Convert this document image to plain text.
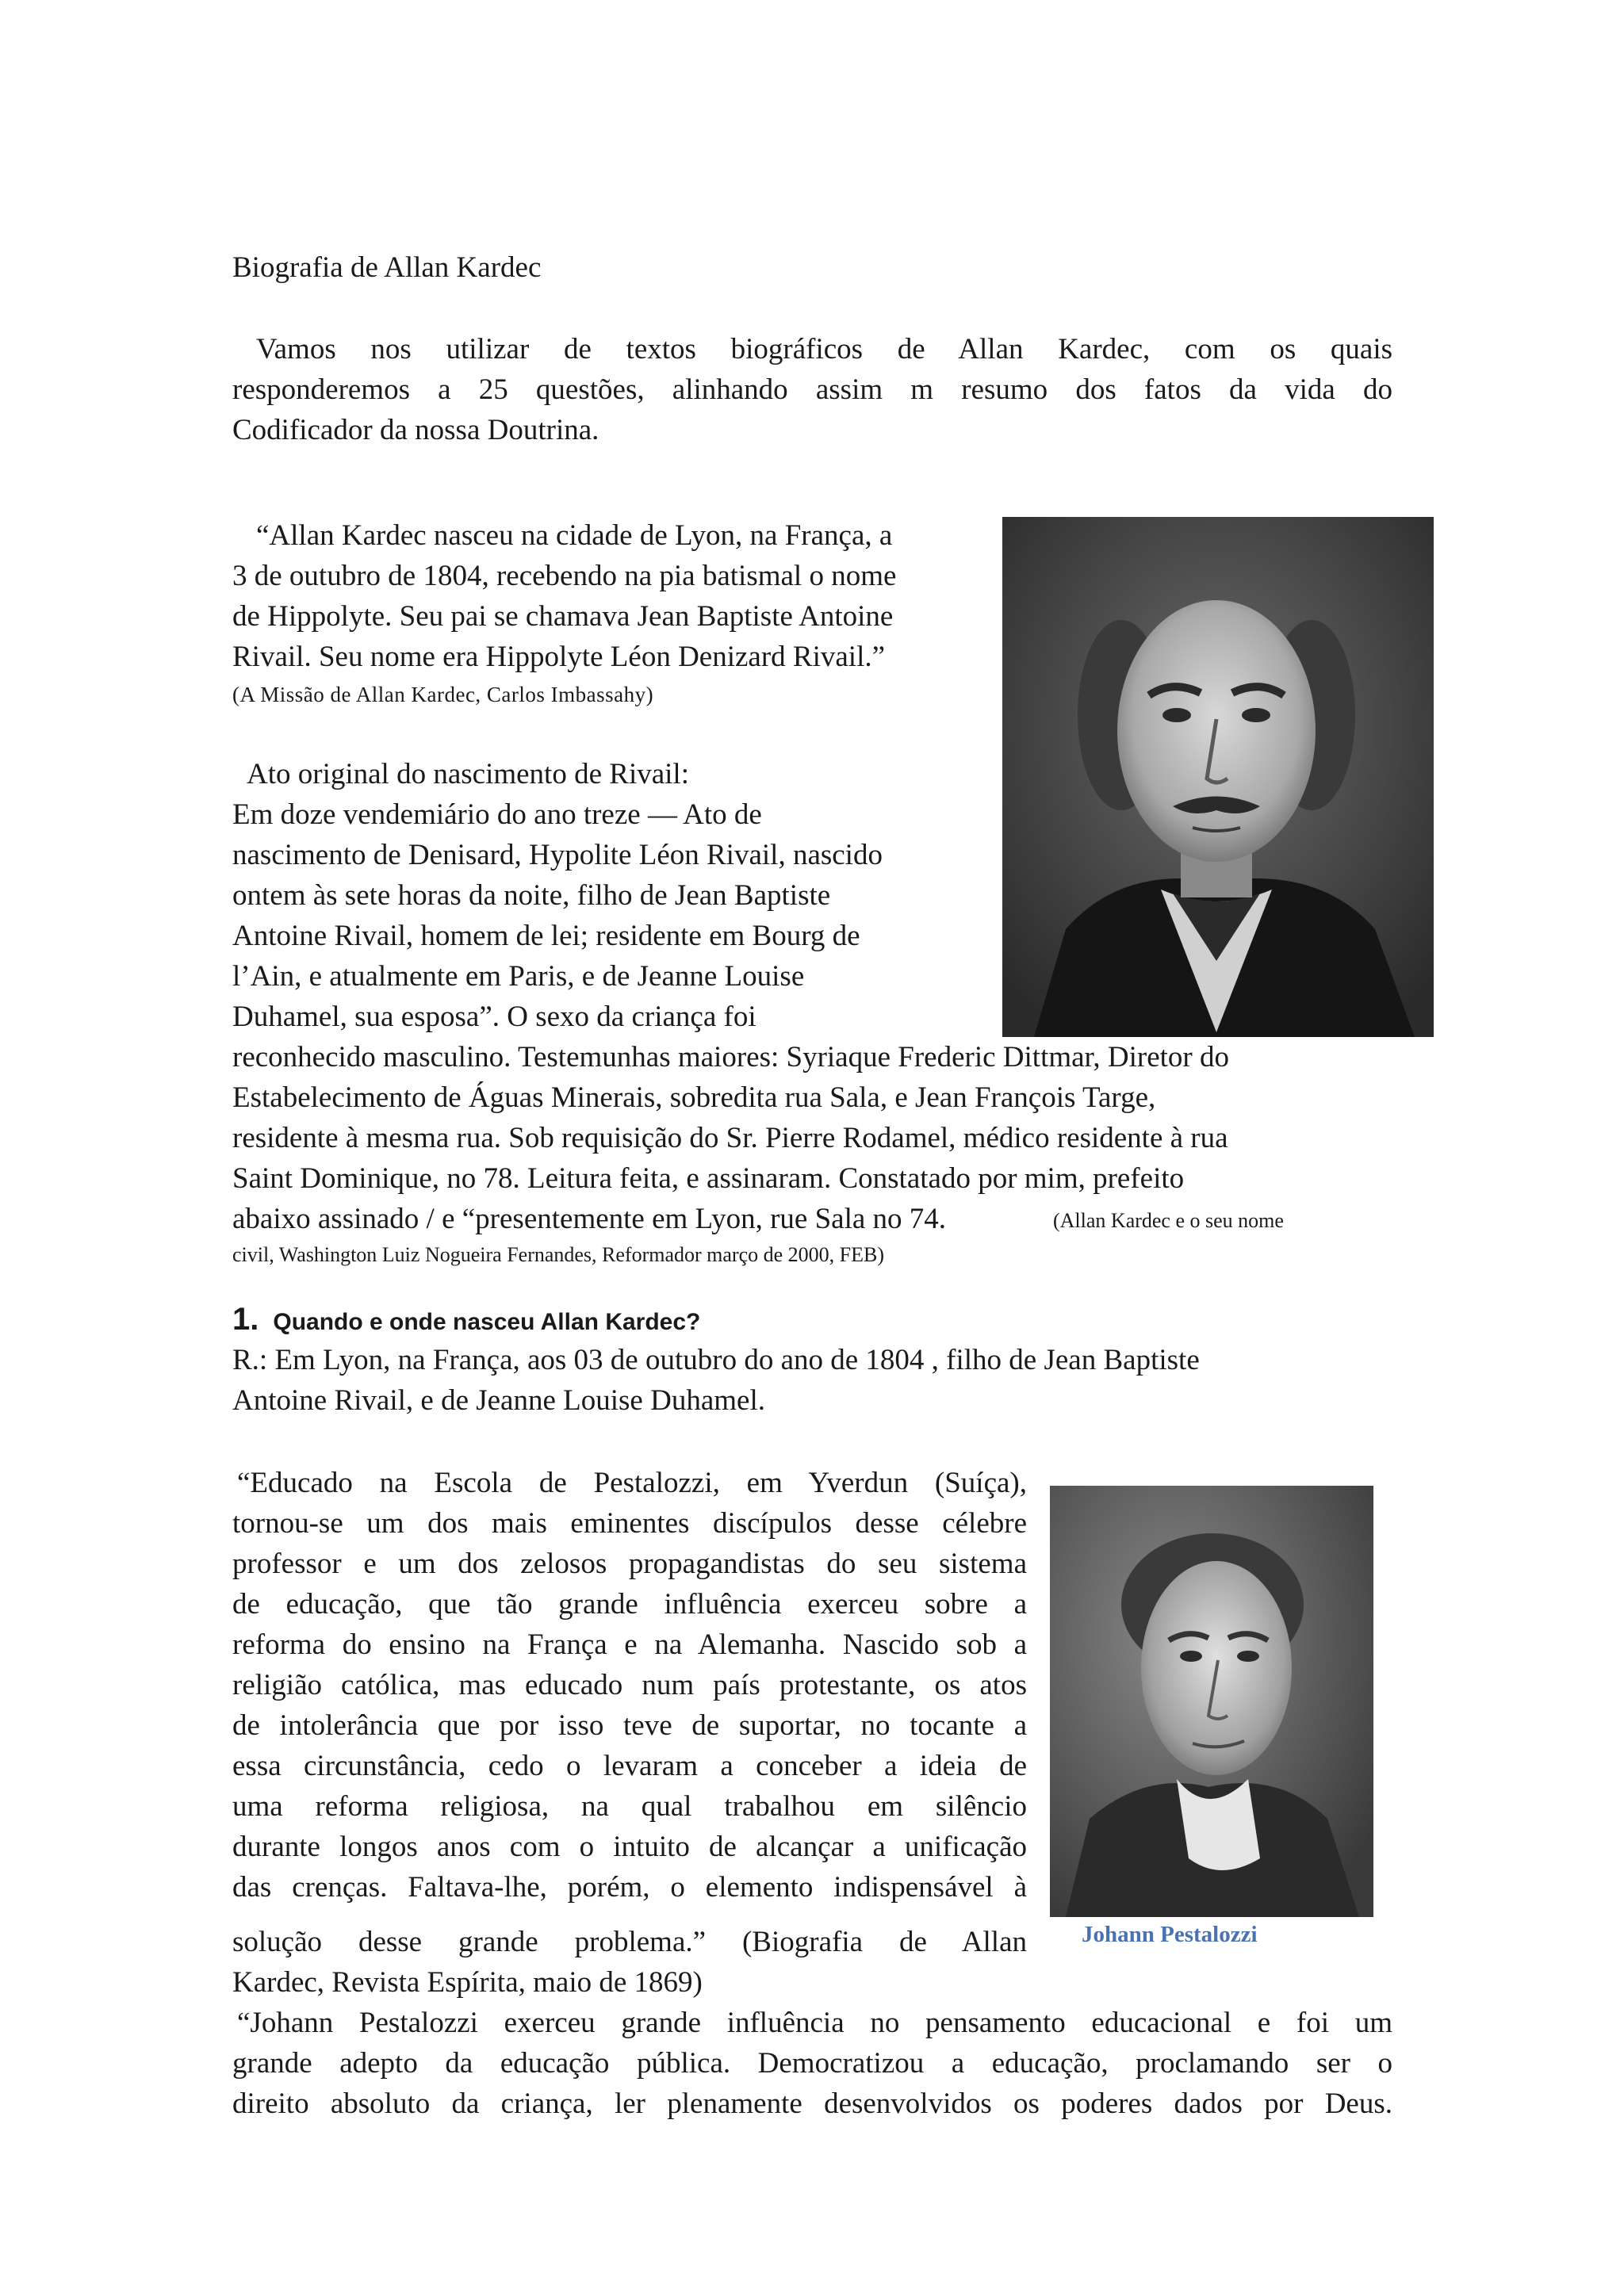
Biografia de Allan Kardec
Vamos nos utilizar de textos biográficos de Allan Kardec, com os quais
responderemos a 25 questões, alinhando assim m resumo dos fatos da vida do
Codificador da nossa Doutrina.
“Allan Kardec nasceu na cidade de Lyon, na França, a
3 de outubro de 1804, recebendo na pia batismal o nome
de Hippolyte. Seu pai se chamava Jean Baptiste Antoine
Rivail. Seu nome era Hippolyte Léon Denizard Rivail.”
(A Missão de Allan Kardec, Carlos Imbassahy)
Ato original do nascimento de Rivail:
Em doze vendemiário do ano treze — Ato de
nascimento de Denisard, Hypolite Léon Rivail, nascido
ontem às sete horas da noite, filho de Jean Baptiste
Antoine Rivail, homem de lei; residente em Bourg de
l’Ain, e atualmente em Paris, e de Jeanne Louise
Duhamel, sua esposa”. O sexo da criança foi
reconhecido masculino. Testemunhas maiores: Syriaque Frederic Dittmar, Diretor do
Estabelecimento de Águas Minerais, sobredita rua Sala, e Jean François Targe,
residente à mesma rua. Sob requisição do Sr. Pierre Rodamel, médico residente à rua
Saint Dominique, no 78. Leitura feita, e assinaram. Constatado por mim, prefeito
abaixo assinado / e “presentemente em Lyon, rue Sala no 74.	(Allan Kardec e o seu nome
civil, Washington Luiz Nogueira Fernandes, Reformador março de 2000, FEB)
1. Quando e onde nasceu Allan Kardec?
R.: Em Lyon, na França, aos 03 de outubro do ano de 1804 , filho de Jean Baptiste
Antoine Rivail, e de Jeanne Louise Duhamel.
“Educado na Escola de Pestalozzi, em Yverdun (Suíça),
tornou-se um dos mais eminentes discípulos desse célebre
professor e um dos zelosos propagandistas do seu sistema
de educação, que tão grande influência exerceu sobre a
reforma do ensino na França e na Alemanha. Nascido sob a
religião católica, mas educado num país protestante, os atos
de intolerância que por isso teve de suportar, no tocante a
essa circunstância, cedo o levaram a conceber a ideia de
uma reforma religiosa, na qual trabalhou em silêncio
durante longos anos com o intuito de alcançar a unificação
das crenças. Faltava-lhe, porém, o elemento indispensável à
solução desse grande problema.” (Biografia de Allan
Kardec, Revista Espírita, maio de 1869)
Johann Pestalozzi
“Johann Pestalozzi exerceu grande influência no pensamento educacional e foi um
grande adepto da educação pública. Democratizou a educação, proclamando ser o
direito absoluto da criança, ler plenamente desenvolvidos os poderes dados por Deus.
